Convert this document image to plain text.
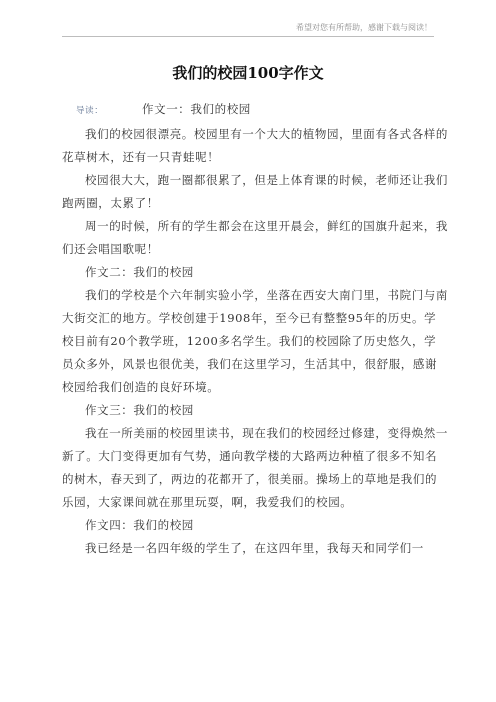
希望对您有所帮助，感谢下载与阅读！
我们的校园100字作文
导读：	作文一：我们的校园

我们的校园很漂亮。校园里有一个大大的植物园，里面有各式各样的花草树木，还有一只青蛙呢！

校园很大大，跑一圈都很累了，但是上体育课的时候，老师还让我们跑两圈，太累了！

周一的时候，所有的学生都会在这里开晨会，鲜红的国旗升起来，我们还会唱国歌呢！

作文二：我们的校园

我们的学校是个六年制实验小学，坐落在西安大南门里，书院门与南大街交汇的地方。学校创建于1908年，至今已有整整95年的历史。学校目前有20个教学班，1200多名学生。我们的校园除了历史悠久，学员众多外，风景也很优美，我们在这里学习，生活其中，很舒服，感谢校园给我们创造的良好环境。

作文三：我们的校园

我在一所美丽的校园里读书，现在我们的校园经过修建，变得焕然一新了。大门变得更加有气势，通向教学楼的大路两边种植了很多不知名的树木，春天到了，两边的花都开了，很美丽。操场上的草地是我们的乐园，大家课间就在那里玩耍，啊，我爱我们的校园。

作文四：我们的校园

我已经是一名四年级的学生了，在这四年里，我每天和同学们一
